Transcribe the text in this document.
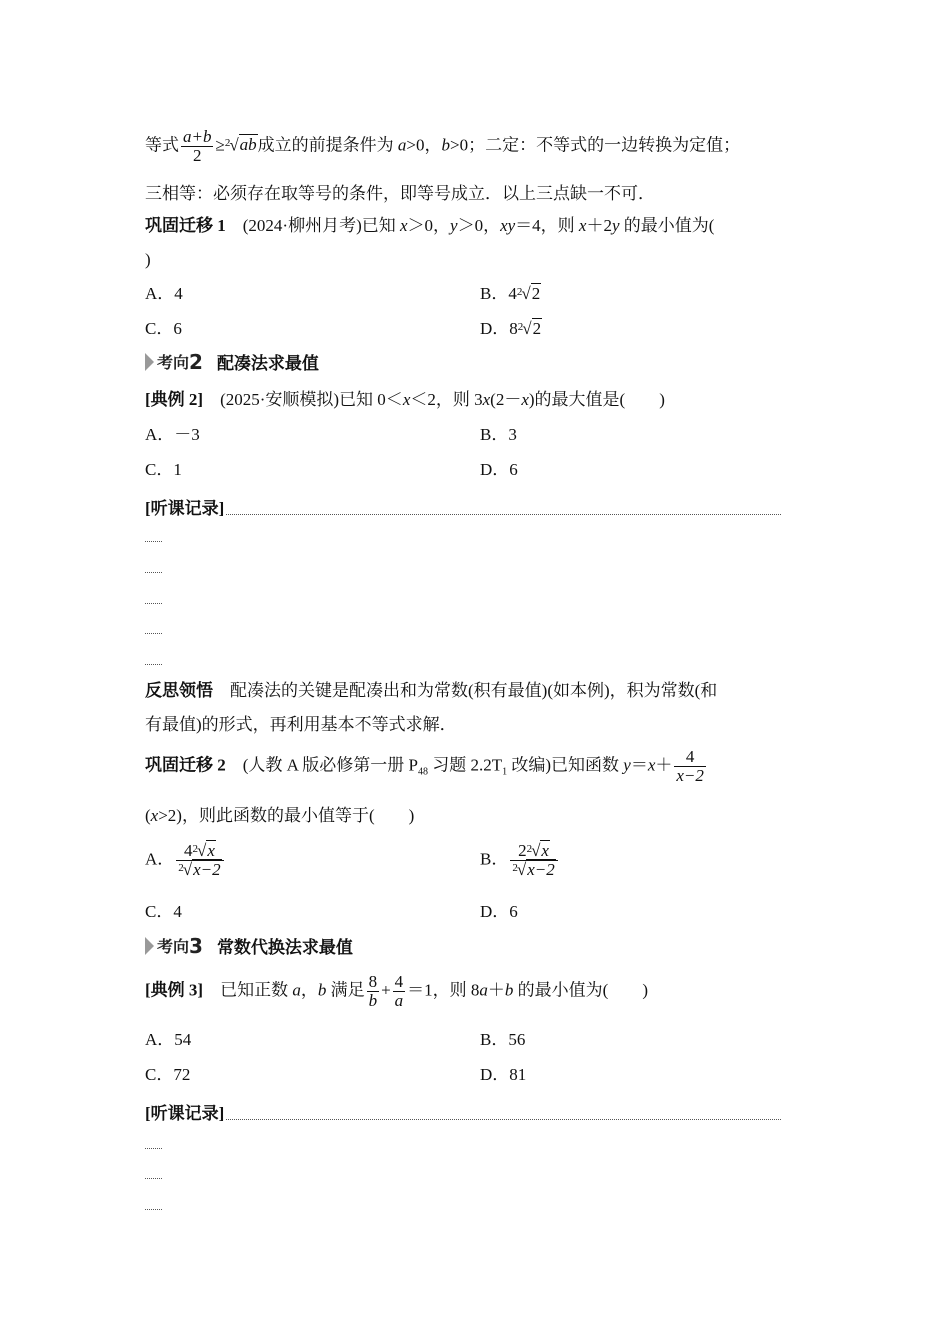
等式 $\frac{a+b}{2} \ge^2√ab$成立的前提条件为 a>0，b>0；二定：不等式的一边转换为定值；
三相等：必须存在取等号的条件，即等号成立．以上三点缺一不可．
巩固迁移 1　 (2024·柳州月考)已知 x＞0，y＞0，xy＝4，则 x＋2y 的最小值为(
)
A．4	B．$4^2√2$
C．6	D．$8^2√2$
考向 2 配凑法求最值
[典例 2]　 (2025·安顺模拟)已知 0＜x＜2，则 3x(2－x)的最大值是(　　)
A．－3	B．3
C．1	D．6
[听课记录]
反思领悟　 配凑法的关键是配凑出和为常数(积有最值)(如本例)，积为常数(和
有最值)的形式，再利用基本不等式求解．
巩固迁移 2　 (人教 A 版必修第一册 $P_{48}$ 习题 $2.2T_1$ 改编)已知函数 $y=x+ \frac{4}{x-2}$
(x>2)，则此函数的最小值等于(　　)
A． $\frac{4^2√x}{^2√x-2}$	B． $\frac{2^2√x}{^2√x-2}$
C．4	D．6
考向 3 常数代换法求最值
[典例 3]　 已知正数 a，b 满足 $\frac{8}{b} + \frac{4}{a} =1$，则 8a＋b 的最小值为(　　)
A．54	B．56
C．72	D．81
[听课记录]
